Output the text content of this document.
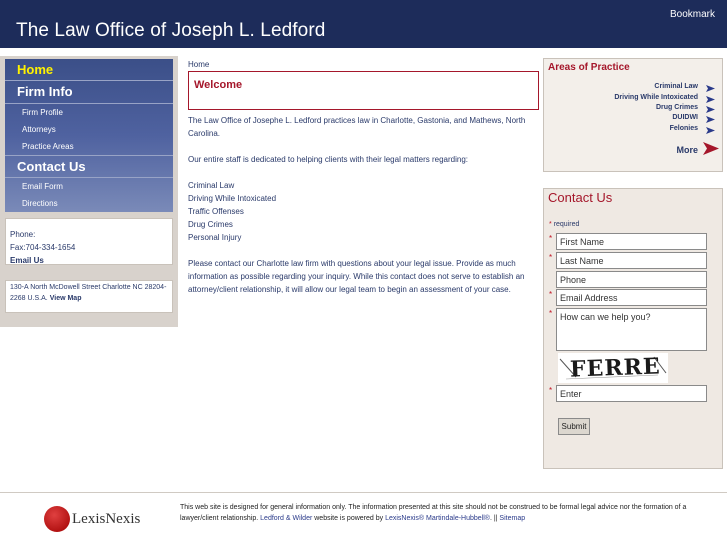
The Law Office of Joseph L. Ledford
Bookmark
Home
Firm Info
Firm Profile
Attorneys
Practice Areas
Contact Us
Email Form
Directions
Phone:
Fax:704-334-1654
Email Us
130-A North McDowell Street Charlotte NC 28204-2268 U.S.A. View Map
Home
Welcome

The Law Office of Josephe L. Ledford practices law in Charlotte, Gastonia, and Mathews, North Carolina.

Our entire staff is dedicated to helping clients with their legal matters regarding:

Criminal Law
Driving While Intoxicated
Traffic Offenses
Drug Crimes
Personal Injury

Please contact our Charlotte law firm with questions about your legal issue. Provide as much information as possible regarding your inquiry. While this contact does not serve to establish an attorney/client relationship, it will allow our legal team to begin an assessment of your case.

Areas of Practice
Criminal Law
Driving While Intoxicated
Drug Crimes
DUIDWI
Felonies
More
Contact Us
* required
*
First Name
*
Last Name
Phone
*
Email Address
*
How can we help you?
FERRE
*
Enter
Submit
LexisNexis
This web site is designed for general information only. The information presented at this site should not be construed to be formal legal advice nor the formation of a lawyer/client relationship. Ledford & Wilder website is powered by LexisNexis® Martindale-Hubbell®. || Sitemap
